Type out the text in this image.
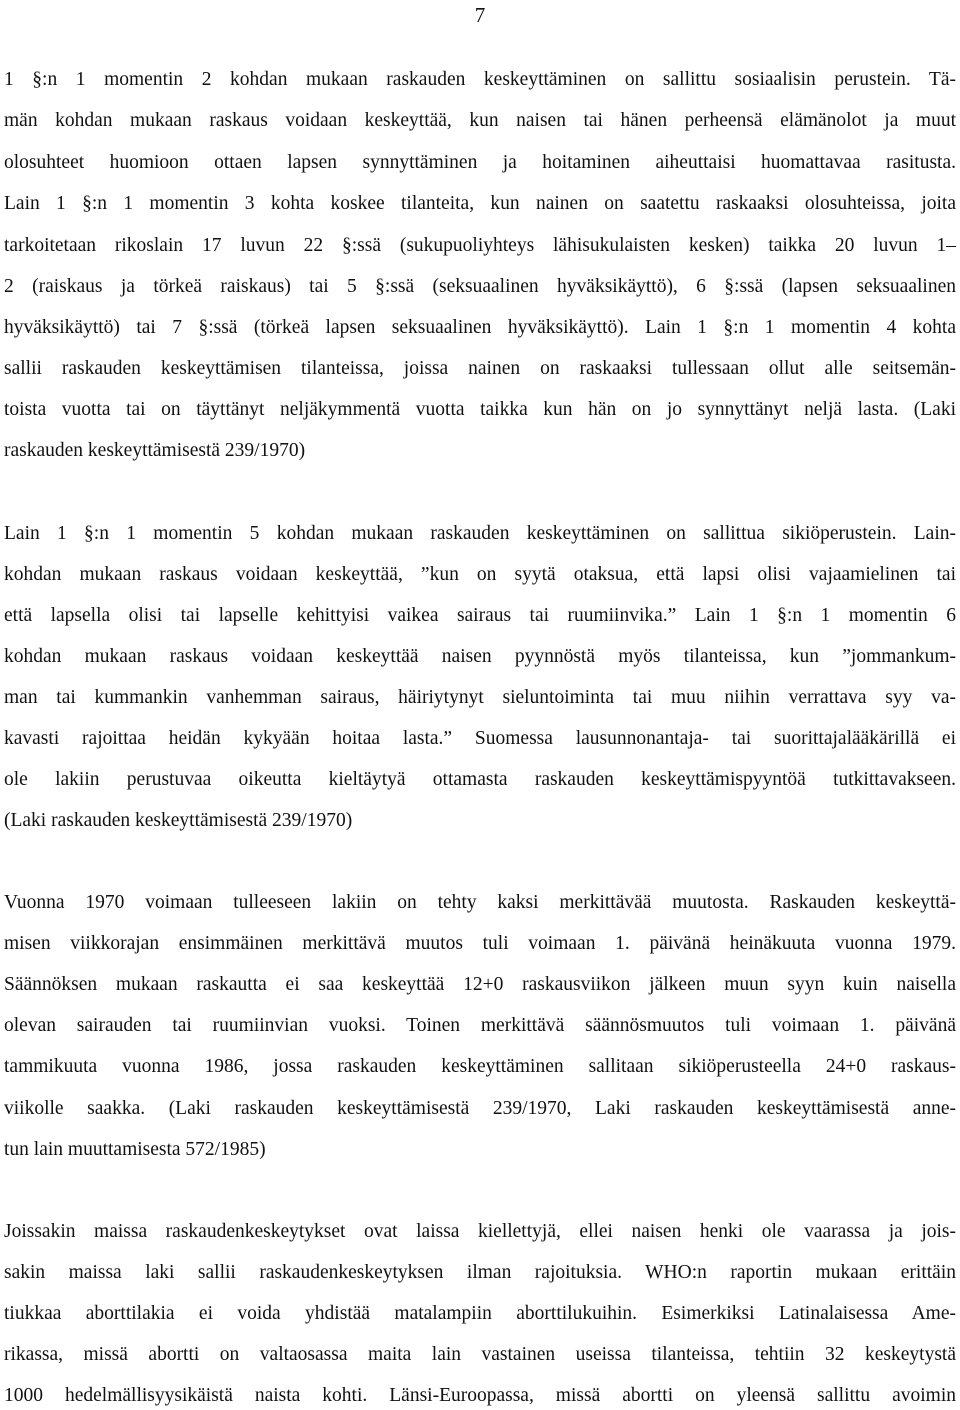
7
1 §:n 1 momentin 2 kohdan mukaan raskauden keskeyttäminen on sallittu sosiaalisin perustein. Tä-
män kohdan mukaan raskaus voidaan keskeyttää, kun naisen tai hänen perheensä elämänolot ja muut
olosuhteet huomioon ottaen lapsen synnyttäminen ja hoitaminen aiheuttaisi huomattavaa rasitusta.
Lain 1 §:n 1 momentin 3 kohta koskee tilanteita, kun nainen on saatettu raskaaksi olosuhteissa, joita
tarkoitetaan rikoslain 17 luvun 22 §:ssä (sukupuoliyhteys lähisukulaisten kesken) taikka 20 luvun 1–
2 (raiskaus ja törkeä raiskaus) tai 5 §:ssä (seksuaalinen hyväksikäyttö), 6 §:ssä (lapsen seksuaalinen
hyväksikäyttö) tai 7 §:ssä (törkeä lapsen seksuaalinen hyväksikäyttö). Lain 1 §:n 1 momentin 4 kohta
sallii raskauden keskeyttämisen tilanteissa, joissa nainen on raskaaksi tullessaan ollut alle seitsemän-
toista vuotta tai on täyttänyt neljäkymmentä vuotta taikka kun hän on jo synnyttänyt neljä lasta. (Laki
raskauden keskeyttämisestä 239/1970)
Lain 1 §:n 1 momentin 5 kohdan mukaan raskauden keskeyttäminen on sallittua sikiöperustein. Lain-
kohdan mukaan raskaus voidaan keskeyttää, ”kun on syytä otaksua, että lapsi olisi vajaamielinen tai
että lapsella olisi tai lapselle kehittyisi vaikea sairaus tai ruumiinvika.” Lain 1 §:n 1 momentin 6
kohdan mukaan raskaus voidaan keskeyttää naisen pyynnöstä myös tilanteissa, kun ”jommankum-
man tai kummankin vanhemman sairaus, häiriytynyt sieluntoiminta tai muu niihin verrattava syy va-
kavasti rajoittaa heidän kykyään hoitaa lasta.” Suomessa lausunnonantaja- tai suorittajalääkärillä ei
ole lakiin perustuvaa oikeutta kieltäytyä ottamasta raskauden keskeyttämispyyntöä tutkittavakseen.
(Laki raskauden keskeyttämisestä 239/1970)
Vuonna 1970 voimaan tulleeseen lakiin on tehty kaksi merkittävää muutosta. Raskauden keskeyttä-
misen viikkorajan ensimmäinen merkittävä muutos tuli voimaan 1. päivänä heinäkuuta vuonna 1979.
Säännöksen mukaan raskautta ei saa keskeyttää 12+0 raskausviikon jälkeen muun syyn kuin naisella
olevan sairauden tai ruumiinvian vuoksi. Toinen merkittävä säännösmuutos tuli voimaan 1. päivänä
tammikuuta vuonna 1986, jossa raskauden keskeyttäminen sallitaan sikiöperusteella 24+0 raskaus-
viikolle saakka. (Laki raskauden keskeyttämisestä 239/1970, Laki raskauden keskeyttämisestä anne-
tun lain muuttamisesta 572/1985)
Joissakin maissa raskaudenkeskeytykset ovat laissa kiellettyjä, ellei naisen henki ole vaarassa ja jois-
sakin maissa laki sallii raskaudenkeskeytyksen ilman rajoituksia. WHO:n raportin mukaan erittäin
tiukkaa aborttilakia ei voida yhdistää matalampiin aborttilukuihin. Esimerkiksi Latinalaisessa Ame-
rikassa, missä abortti on valtaosassa maita lain vastainen useissa tilanteissa, tehtiin 32 keskeytystä
1000 hedelmällisyysikäistä naista kohti. Länsi-Euroopassa, missä abortti on yleensä sallittu avoimin
